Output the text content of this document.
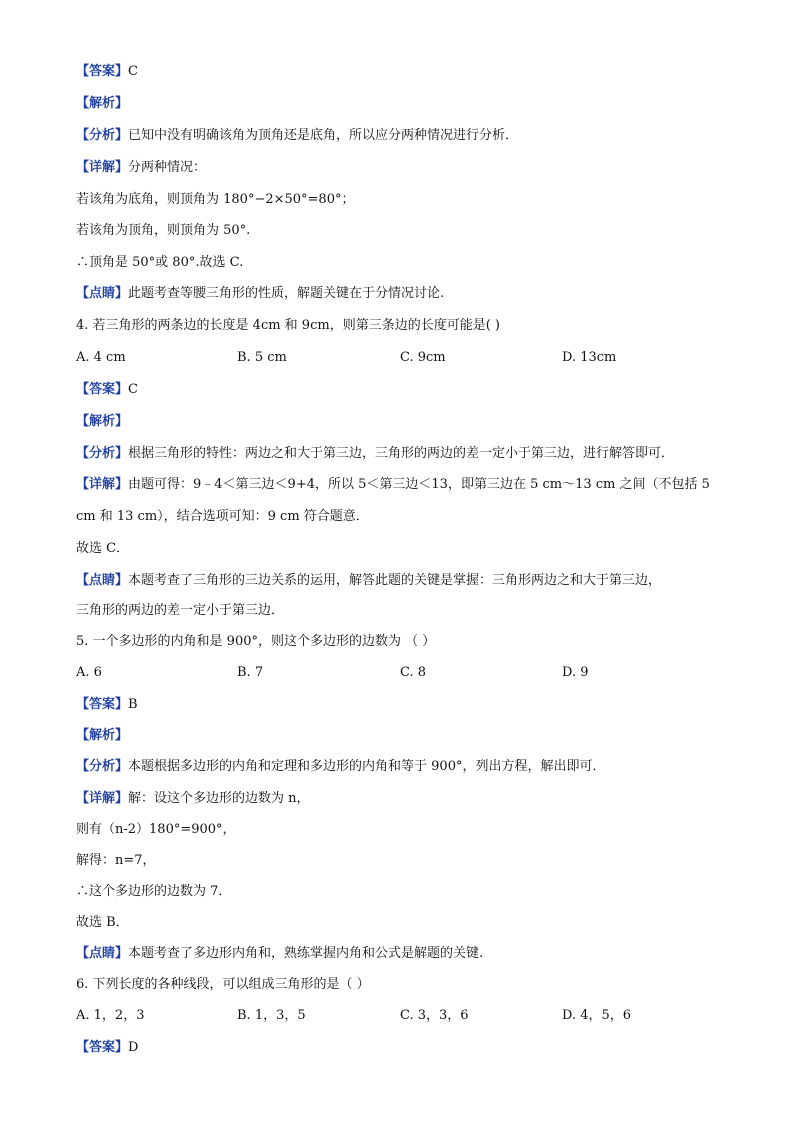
【答案】C
【解析】
【分析】已知中没有明确该角为顶角还是底角，所以应分两种情况进行分析．
【详解】分两种情况：
若该角为底角，则顶角为 180°−2×50°=80°；
若该角为顶角，则顶角为 50°.
∴顶角是 50°或 80°.故选 C.
【点睛】此题考查等腰三角形的性质，解题关键在于分情况讨论.
4. 若三角形的两条边的长度是 4cm 和 9cm，则第三条边的长度可能是( )
【答案】C
【解析】
【分析】根据三角形的特性：两边之和大于第三边，三角形的两边的差一定小于第三边，进行解答即可．
【详解】由题可得：9﹣4＜第三边＜9+4，所以 5＜第三边＜13，即第三边在 5 cm～13 cm 之间（不包括 5
cm 和 13 cm），结合选项可知：9 cm 符合题意．
故选 C．
【点睛】本题考查了三角形的三边关系的运用，解答此题的关键是掌握：三角形两边之和大于第三边，
三角形的两边的差一定小于第三边．
5. 一个多边形的内角和是 900°，则这个多边形的边数为 （ ）
【答案】B
【解析】
【分析】本题根据多边形的内角和定理和多边形的内角和等于 900°，列出方程，解出即可．
【详解】解：设这个多边形的边数为 n，
则有（n-2）180°=900°，
解得：n=7，
∴这个多边形的边数为 7．
故选 B．
【点睛】本题考查了多边形内角和，熟练掌握内角和公式是解题的关键.
6. 下列长度的各种线段，可以组成三角形的是（ ）
【答案】D
A. 4 cm	B. 5 cm	C. 9cm	D. 13cm
A. 6	B. 7	C. 8	D. 9
A. 1，2，3	B. 1，3，5	C. 3，3，6	D. 4，5，6
